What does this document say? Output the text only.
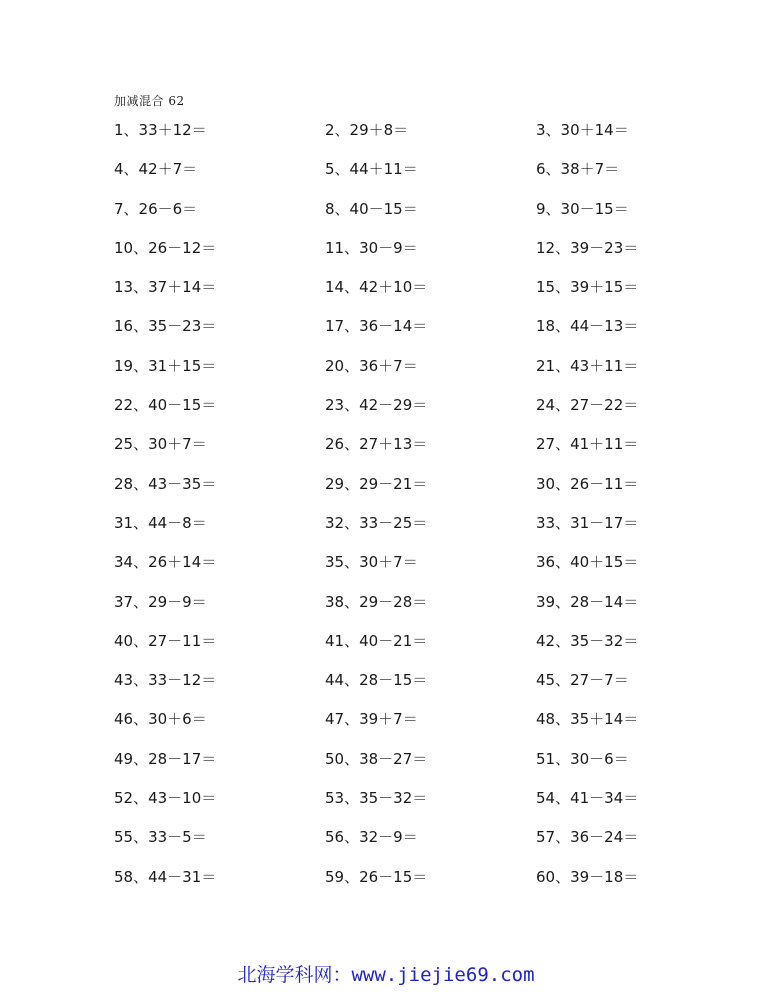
加减混合 62
1、33＋12＝	2、29＋8＝	3、30＋14＝
4、42＋7＝	5、44＋11＝	6、38＋7＝
7、26－6＝	8、40－15＝	9、30－15＝
10、26－12＝	11、30－9＝	12、39－23＝
13、37＋14＝	14、42＋10＝	15、39＋15＝
16、35－23＝	17、36－14＝	18、44－13＝
19、31＋15＝	20、36＋7＝	21、43＋11＝
22、40－15＝	23、42－29＝	24、27－22＝
25、30＋7＝	26、27＋13＝	27、41＋11＝
28、43－35＝	29、29－21＝	30、26－11＝
31、44－8＝	32、33－25＝	33、31－17＝
34、26＋14＝	35、30＋7＝	36、40＋15＝
37、29－9＝	38、29－28＝	39、28－14＝
40、27－11＝	41、40－21＝	42、35－32＝
43、33－12＝	44、28－15＝	45、27－7＝
46、30＋6＝	47、39＋7＝	48、35＋14＝
49、28－17＝	50、38－27＝	51、30－6＝
52、43－10＝	53、35－32＝	54、41－34＝
55、33－5＝	56、32－9＝	57、36－24＝
58、44－31＝	59、26－15＝	60、39－18＝
北海学科网：www.jiejie69.com
